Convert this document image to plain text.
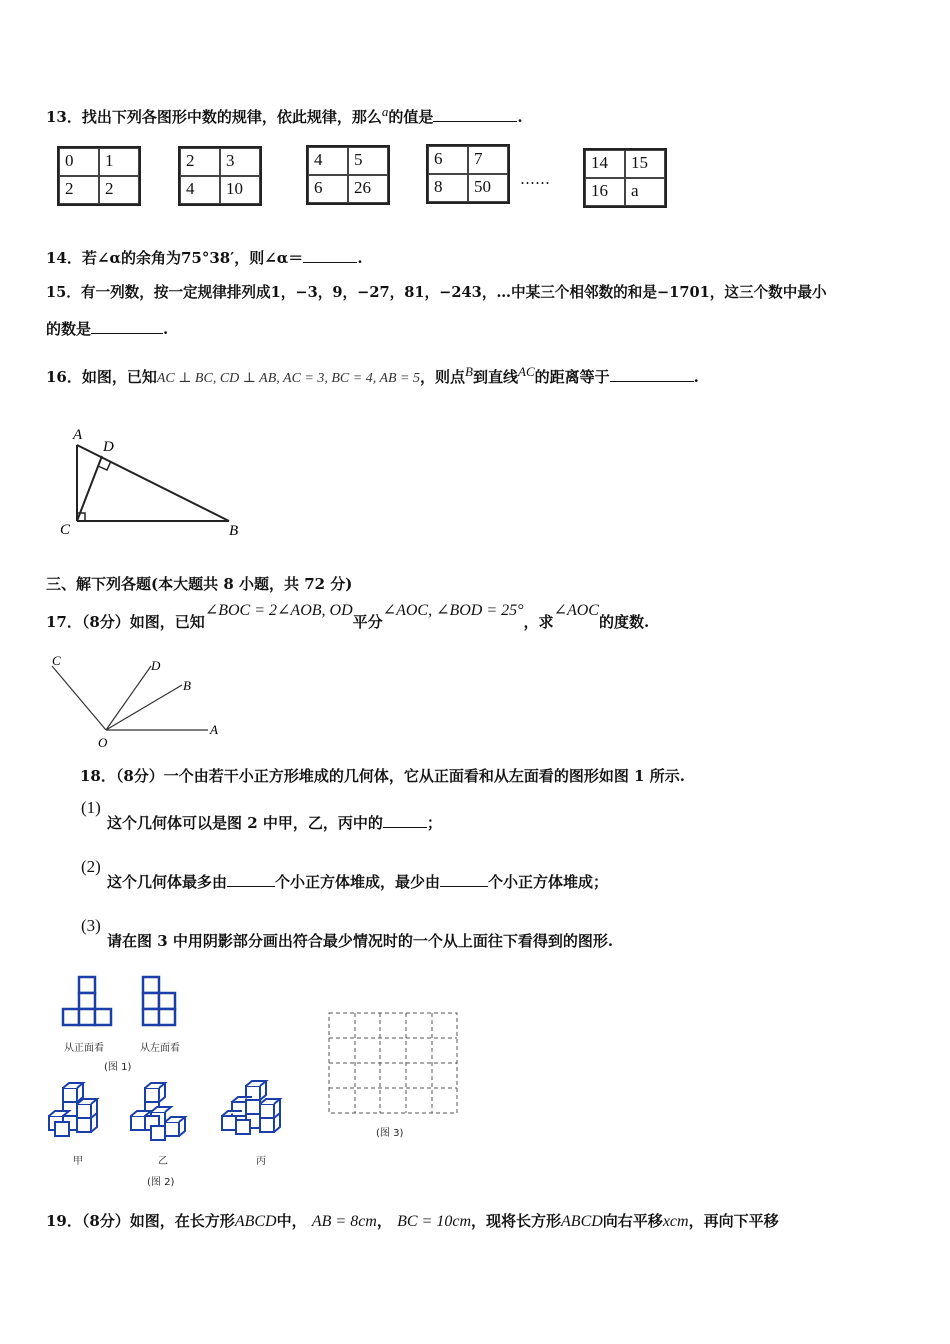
13．找出下列各图形中数的规律，依此规律，那么$^a$的值是	.
0	1
2	2
2	3
4	10
4	5
6	26
6	7
8	50	……
14	15
16	a
14．若∠α的余角为75°38′，则∠α＝	.
15．有一列数，按一定规律排列成1，−3，9，−27，81，−243，…中某三个相邻数的和是−1701，这三个数中最小
的数是	.
16．如图，已知AC ⊥ BC, CD ⊥ AB, AC = 3, BC = 4, AB = 5，则点$^B$到直线$^{AC}$的距离等于	.
A
D
C	B
三、解下列各题(本大题共 8 小题，共 72 分)
17．（8分）如图，已知∠BOC = 2∠AOB, OD平分∠AOC, ∠BOD = 25°，求∠AOC的度数.
C	D
B
O
A
18．（8分）一个由若干小正方形堆成的几何体，它从正面看和从左面看的图形如图 1 所示.
(1)
这个几何体可以是图 2 中甲，乙，丙中的	；
(2)
这个几何体最多由	个小正方体堆成，最少由	个小正方体堆成；
(3)
请在图 3 中用阴影部分画出符合最少情况时的一个从上面往下看得到的图形.
从正面看	从左面看
(图 1)
甲	乙	丙
(图 2)
(图 3)
19．（8分）如图，在长方形ABCD中， AB = 8cm， BC = 10cm，现将长方形ABCD向右平移xcm，再向下平移
